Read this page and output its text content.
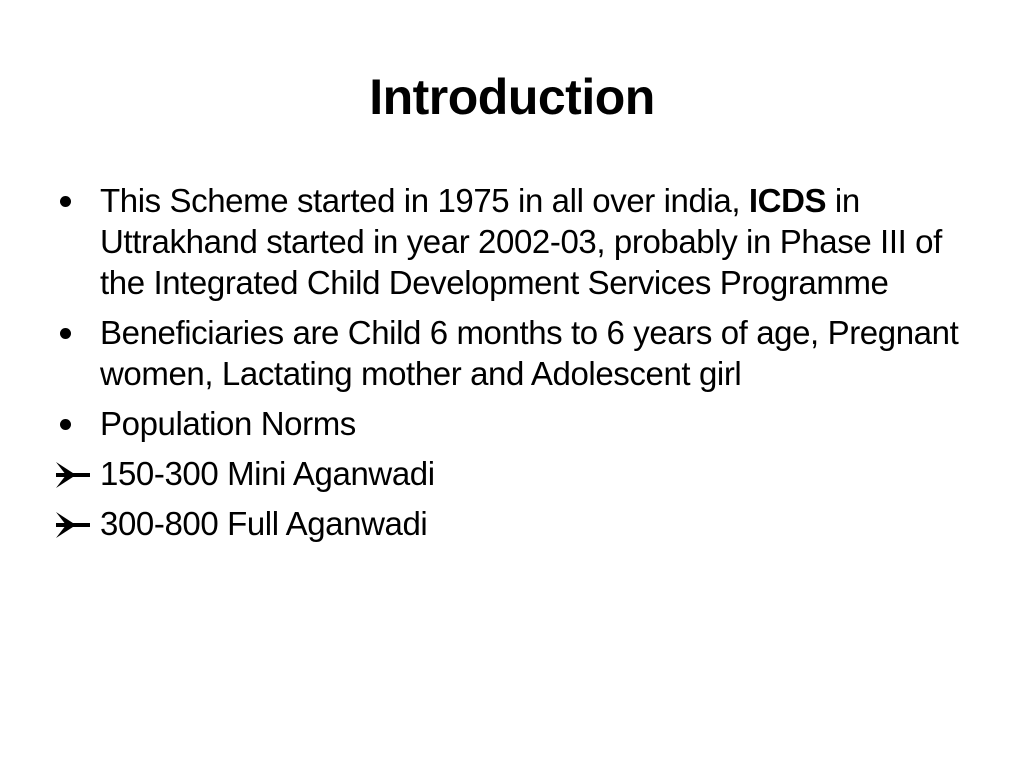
Introduction
This Scheme started in 1975 in all over india, ICDS in Uttrakhand started in year 2002-03, probably in Phase III of the Integrated Child Development Services Programme
Beneficiaries are Child 6 months to 6 years of age, Pregnant women, Lactating mother and Adolescent girl
Population Norms
150-300 Mini Aganwadi
300-800 Full Aganwadi
